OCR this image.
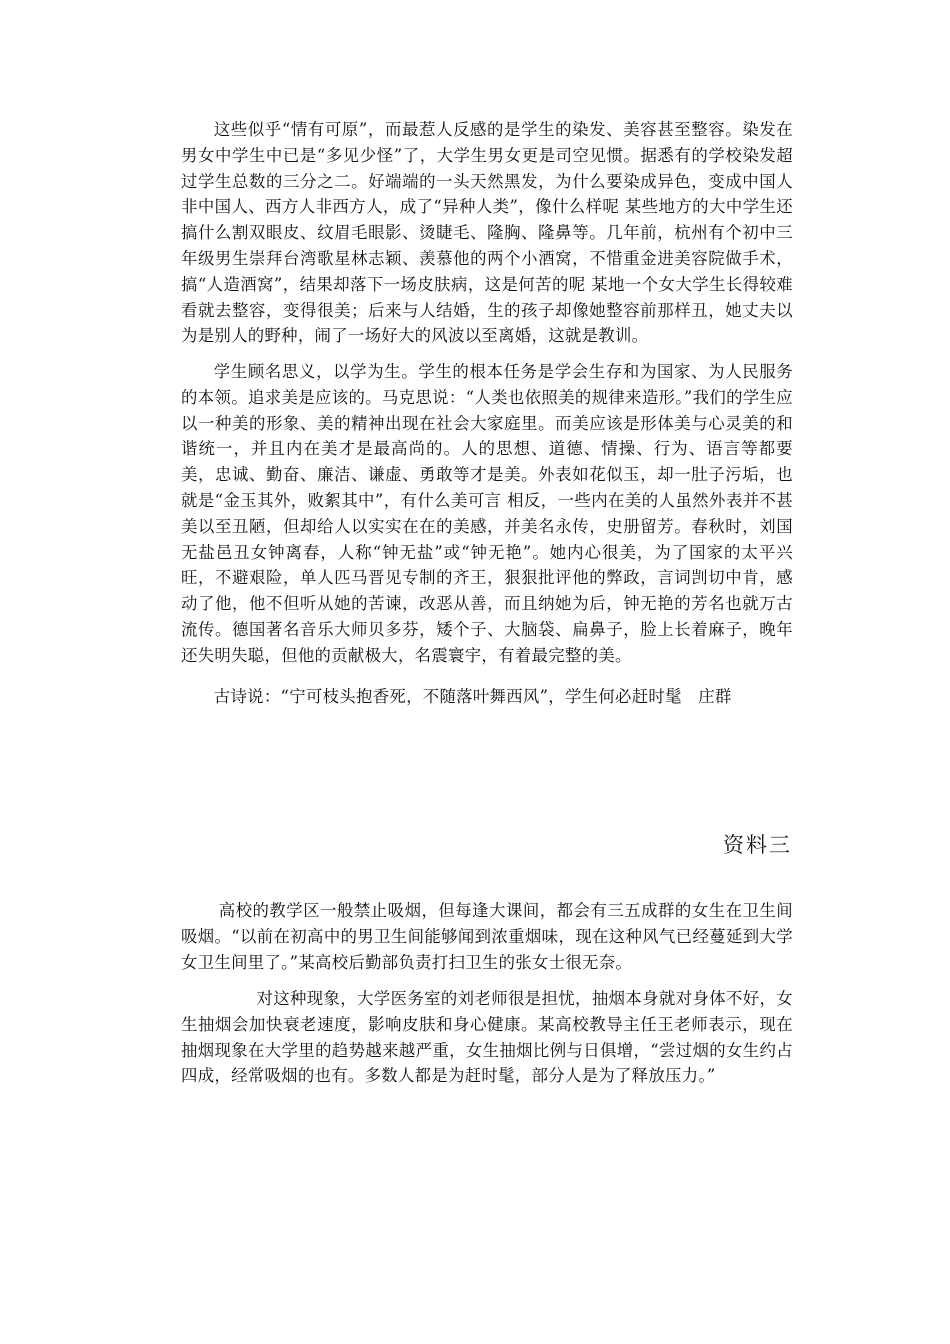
这些似乎“情有可原”，而最惹人反感的是学生的染发、美容甚至整容。染发在男女中学生中已是“多见少怪”了，大学生男女更是司空见惯。据悉有的学校染发超过学生总数的三分之二。好端端的一头天然黑发，为什么要染成异色，变成中国人非中国人、西方人非西方人，成了“异种人类”，像什么样呢 某些地方的大中学生还搞什么割双眼皮、纹眉毛眼影、烫睫毛、隆胸、隆鼻等。几年前，杭州有个初中三年级男生崇拜台湾歌星林志颖、羡慕他的两个小酒窝，不惜重金进美容院做手术，搞“人造酒窝”，结果却落下一场皮肤病，这是何苦的呢 某地一个女大学生长得较难看就去整容，变得很美；后来与人结婚，生的孩子却像她整容前那样丑，她丈夫以为是别人的野种，闹了一场好大的风波以至离婚，这就是教训。

学生顾名思义，以学为生。学生的根本任务是学会生存和为国家、为人民服务的本领。追求美是应该的。马克思说：“人类也依照美的规律来造形。”我们的学生应以一种美的形象、美的精神出现在社会大家庭里。而美应该是形体美与心灵美的和谐统一，并且内在美才是最高尚的。人的思想、道德、情操、行为、语言等都要美，忠诚、勤奋、廉洁、谦虚、勇敢等才是美。外表如花似玉，却一肚子污垢，也就是“金玉其外，败絮其中”，有什么美可言 相反，一些内在美的人虽然外表并不甚美以至丑陋，但却给人以实实在在的美感，并美名永传，史册留芳。春秋时，刘国无盐邑丑女钟离春，人称“钟无盐”或“钟无艳”。她内心很美，为了国家的太平兴旺，不避艰险，单人匹马晋见专制的齐王，狠狠批评他的弊政，言词剀切中肯，感动了他，他不但听从她的苦谏，改恶从善，而且纳她为后，钟无艳的芳名也就万古流传。德国著名音乐大师贝多芬，矮个子、大脑袋、扁鼻子，脸上长着麻子，晚年还失明失聪，但他的贡献极大，名震寰宇，有着最完整的美。

古诗说：“宁可枝头抱香死，不随落叶舞西风”，学生何必赶时髦 庄群

资料三

高校的教学区一般禁止吸烟，但每逢大课间，都会有三五成群的女生在卫生间吸烟。“以前在初高中的男卫生间能够闻到浓重烟味，现在这种风气已经蔓延到大学女卫生间里了。”某高校后勤部负责打扫卫生的张女士很无奈。

对这种现象，大学医务室的刘老师很是担忧，抽烟本身就对身体不好，女生抽烟会加快衰老速度，影响皮肤和身心健康。某高校教导主任王老师表示，现在抽烟现象在大学里的趋势越来越严重，女生抽烟比例与日俱增，“尝过烟的女生约占四成，经常吸烟的也有。多数人都是为赶时髦，部分人是为了释放压力。”
